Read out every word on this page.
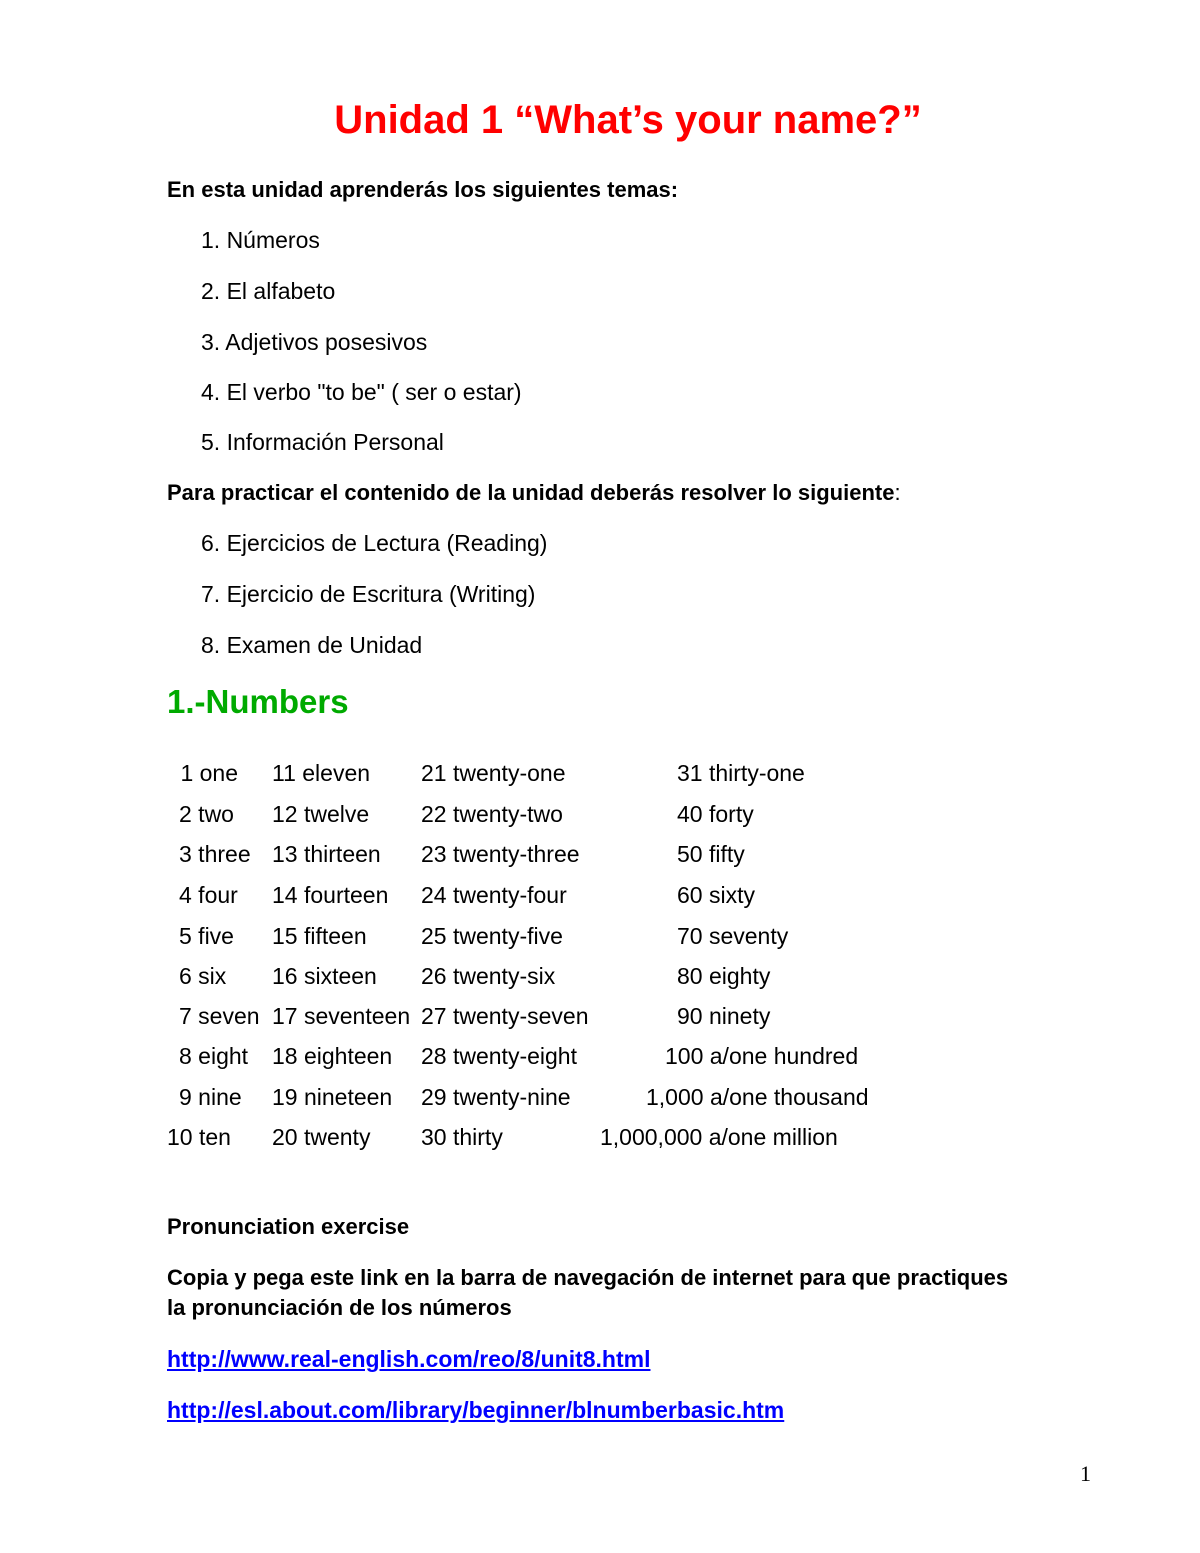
Unidad 1 “What’s your name?”
En esta unidad aprenderás los siguientes temas:
1. Números
2. El alfabeto
3. Adjetivos posesivos
4. El verbo "to be" ( ser o estar)
5. Información Personal
Para practicar el contenido de la unidad deberás resolver lo siguiente:
6. Ejercicios de Lectura (Reading)
7. Ejercicio de Escritura (Writing)
8. Examen de Unidad
1.-Numbers
1 one
2 two
3 three
4 four
5 five
6 six
7 seven
8 eight
9 nine
10 ten
11 eleven
12 twelve
13 thirteen
14 fourteen
15 fifteen
16 sixteen
17 seventeen
18 eighteen
19 nineteen
20 twenty
21 twenty-one
22 twenty-two
23 twenty-three
24 twenty-four
25 twenty-five
26 twenty-six
27 twenty-seven
28 twenty-eight
29 twenty-nine
30 thirty
31 thirty-one
40 forty
50 fifty
60 sixty
70 seventy
80 eighty
90 ninety
100 a/one hundred
1,000 a/one thousand
1,000,000 a/one million
Pronunciation exercise
Copia y pega este link en la barra de navegación de internet para que practiques
la pronunciación de los números
http://www.real-english.com/reo/8/unit8.html
http://esl.about.com/library/beginner/blnumberbasic.htm
1
